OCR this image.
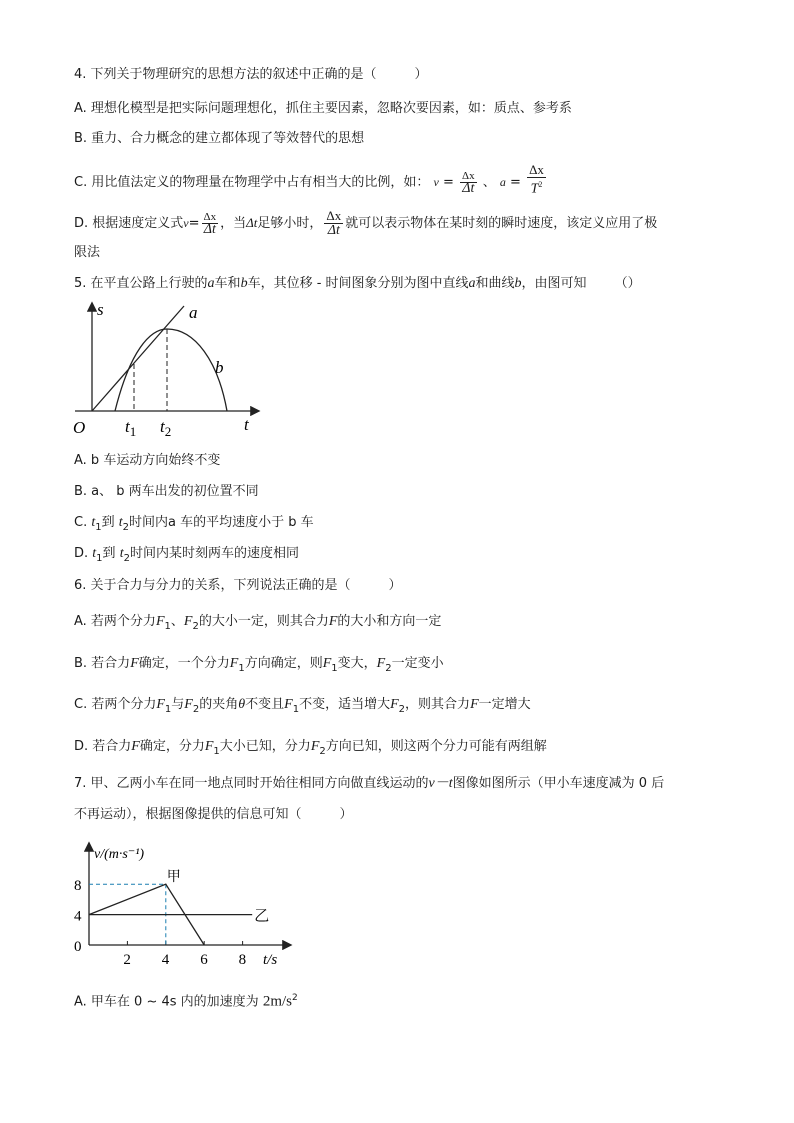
4. 下列关于物理研究的思想方法的叙述中正确的是（	）
A. 理想化模型是把实际问题理想化，抓住主要因素，忽略次要因素，如：质点、参考系
B. 重力、合力概念的建立都体现了等效替代的思想
C. 用比值法定义的物理量在物理学中占有相当大的比例，如： $v = \frac{\Delta x}{\Delta t}$ 、 $a = \frac{\Delta x}{T^2}$
D. 根据速度定义式$v= \frac{\Delta x}{\Delta t}$ ，当Δt足够小时， $\frac{\Delta x}{\Delta t}$ 就可以表示物体在某时刻的瞬时速度，该定义应用了极
限法
5. 在平直公路上行驶的a车和b车，其位移 - 时间图象分别为图中直线a和曲线b，由图可知 （）
s
t
O
a
b
$t_1$ $t_2$
A. b 车运动方向始终不变
B. a、 b 两车出发的初位置不同
C. $t_1$到 $t_2$时间内a 车的平均速度小于 b 车
D. $t_1$到 $t_2$时间内某时刻两车的速度相同
6. 关于合力与分力的关系，下列说法正确的是（	）
A. 若两个分力$F_1$、$F_2$的大小一定，则其合力F的大小和方向一定
B. 若合力F确定，一个分力$F_1$方向确定，则$F_1$变大，$F_2$一定变小
C. 若两个分力$F_1$与$F_2$的夹角θ不变且$F_1$不变，适当增大$F_2$，则其合力F一定增大
D. 若合力F确定，分力$F_1$大小已知，分力$F_2$方向已知，则这两个分力可能有两组解
7. 甲、乙两小车在同一地点同时开始往相同方向做直线运动的v－t图像如图所示（甲小车速度减为 0 后
不再运动），根据图像提供的信息可知（	）
v/(m·s⁻¹)
t/s
2 4 6 8
8
4
0
甲
乙
A. 甲车在 0 ~ 4s 内的加速度为 $2m/s^2$
